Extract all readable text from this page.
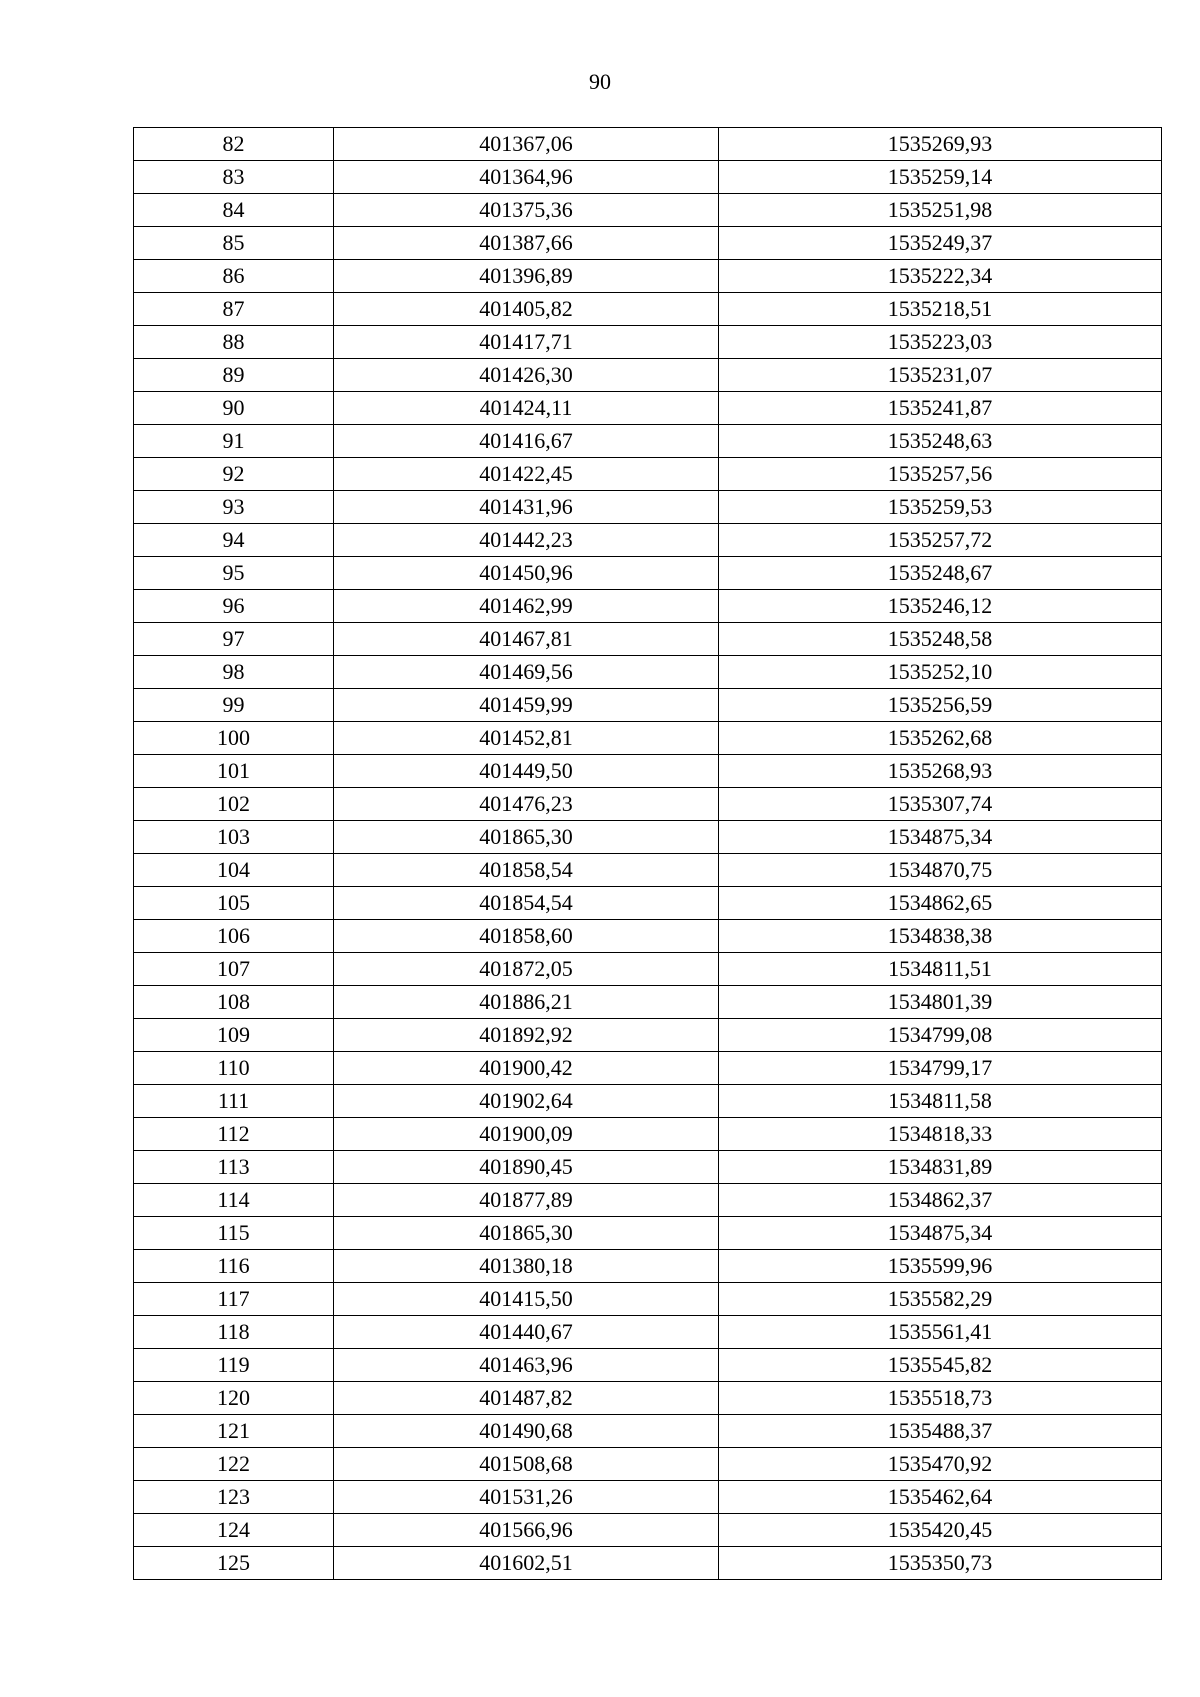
90
82	401367,06	1535269,93
83	401364,96	1535259,14
84	401375,36	1535251,98
85	401387,66	1535249,37
86	401396,89	1535222,34
87	401405,82	1535218,51
88	401417,71	1535223,03
89	401426,30	1535231,07
90	401424,11	1535241,87
91	401416,67	1535248,63
92	401422,45	1535257,56
93	401431,96	1535259,53
94	401442,23	1535257,72
95	401450,96	1535248,67
96	401462,99	1535246,12
97	401467,81	1535248,58
98	401469,56	1535252,10
99	401459,99	1535256,59
100	401452,81	1535262,68
101	401449,50	1535268,93
102	401476,23	1535307,74
103	401865,30	1534875,34
104	401858,54	1534870,75
105	401854,54	1534862,65
106	401858,60	1534838,38
107	401872,05	1534811,51
108	401886,21	1534801,39
109	401892,92	1534799,08
110	401900,42	1534799,17
111	401902,64	1534811,58
112	401900,09	1534818,33
113	401890,45	1534831,89
114	401877,89	1534862,37
115	401865,30	1534875,34
116	401380,18	1535599,96
117	401415,50	1535582,29
118	401440,67	1535561,41
119	401463,96	1535545,82
120	401487,82	1535518,73
121	401490,68	1535488,37
122	401508,68	1535470,92
123	401531,26	1535462,64
124	401566,96	1535420,45
125	401602,51	1535350,73
